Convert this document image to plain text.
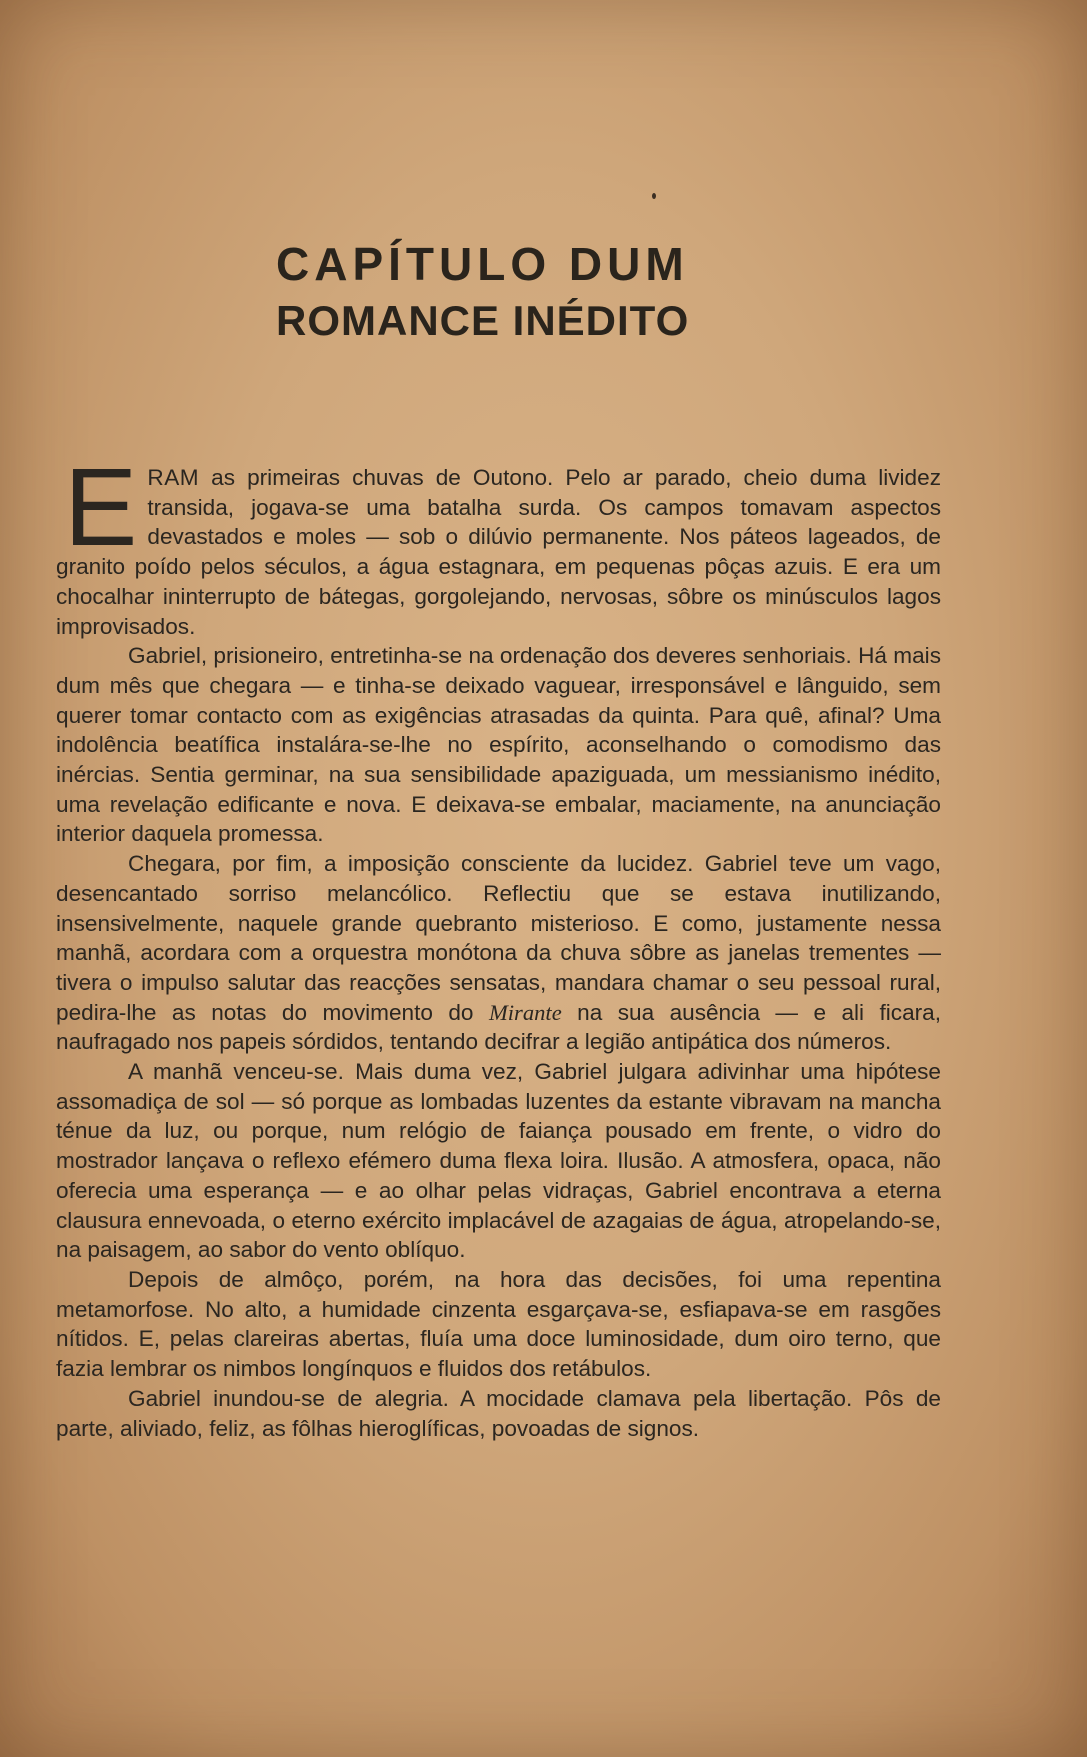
CAPÍTULO DUM
ROMANCE INÉDITO

ERAM as primeiras chuvas de Outono. Pelo ar parado, cheio duma lividez transida, jogava-se uma batalha surda. Os campos tomavam aspectos devastados e moles — sob o dilúvio permanente. Nos páteos lageados, de granito poído pelos séculos, a água estagnara, em pequenas pôças azuis. E era um chocalhar ininterrupto de bátegas, gorgolejando, nervosas, sôbre os minúsculos lagos improvisados.

Gabriel, prisioneiro, entretinha-se na ordenação dos deveres senhoriais. Há mais dum mês que chegara — e tinha-se deixado vaguear, irresponsável e lânguido, sem querer tomar contacto com as exigências atrasadas da quinta. Para quê, afinal? Uma indolência beatífica instalára-se-lhe no espírito, aconselhando o comodismo das inércias. Sentia germinar, na sua sensibilidade apaziguada, um messianismo inédito, uma revelação edificante e nova. E deixava-se embalar, maciamente, na anunciação interior daquela promessa.

Chegara, por fim, a imposição consciente da lucidez. Gabriel teve um vago, desencantado sorriso melancólico. Reflectiu que se estava inutilizando, insensivelmente, naquele grande quebranto misterioso. E como, justamente nessa manhã, acordara com a orquestra monótona da chuva sôbre as janelas trementes — tivera o impulso salutar das reacções sensatas, mandara chamar o seu pessoal rural, pedira-lhe as notas do movimento do Mirante na sua ausência — e ali ficara, naufragado nos papeis sórdidos, tentando decifrar a legião antipática dos números.

A manhã venceu-se. Mais duma vez, Gabriel julgara adivinhar uma hipótese assomadiça de sol — só porque as lombadas luzentes da estante vibravam na mancha ténue da luz, ou porque, num relógio de faiança pousado em frente, o vidro do mostrador lançava o reflexo efémero duma flexa loira. Ilusão. A atmosfera, opaca, não oferecia uma esperança — e ao olhar pelas vidraças, Gabriel encontrava a eterna clausura ennevoada, o eterno exército implacável de azagaias de água, atropelando-se, na paisagem, ao sabor do vento oblíquo.

Depois de almôço, porém, na hora das decisões, foi uma repentina metamorfose. No alto, a humidade cinzenta esgarçava-se, esfiapava-se em rasgões nítidos. E, pelas clareiras abertas, fluía uma doce luminosidade, dum oiro terno, que fazia lembrar os nimbos longínquos e fluidos dos retábulos.

Gabriel inundou-se de alegria. A mocidade clamava pela libertação. Pôs de parte, aliviado, feliz, as fôlhas hieroglíficas, povoadas de signos.
